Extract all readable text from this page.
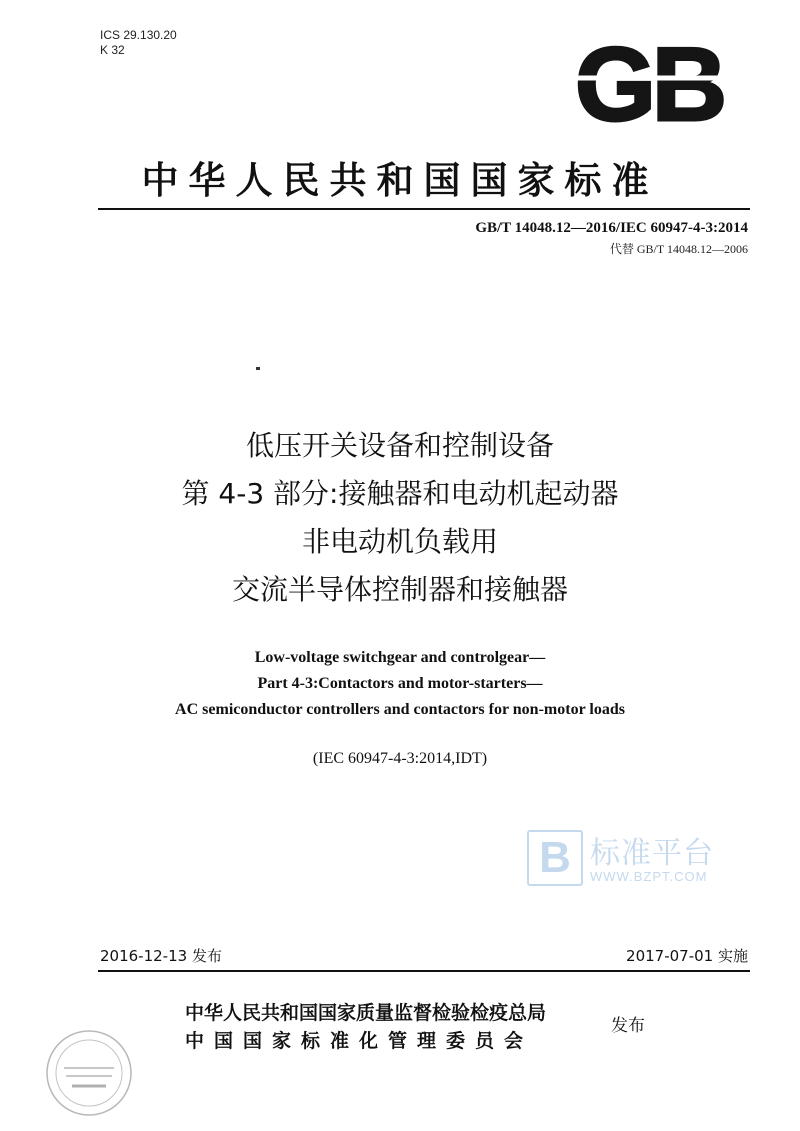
ICS 29.130.20
K 32	GB
中华人民共和国国家标准
GB/T 14048.12—2016/IEC 60947-4-3:2014
代替 GB/T 14048.12—2006
低压开关设备和控制设备
第 4-3 部分:接触器和电动机起动器
非电动机负载用
交流半导体控制器和接触器
Low-voltage switchgear and controlgear—
Part 4-3:Contactors and motor-starters—
AC semiconductor controllers and contactors for non-motor loads
(IEC 60947-4-3:2014,IDT)
B 标准平台
WWW.BZPT.COM
2016-12-13 发布	2017-07-01 实施
中华人民共和国国家质量监督检验检疫总局
中国国家标准化管理委员会
发布
